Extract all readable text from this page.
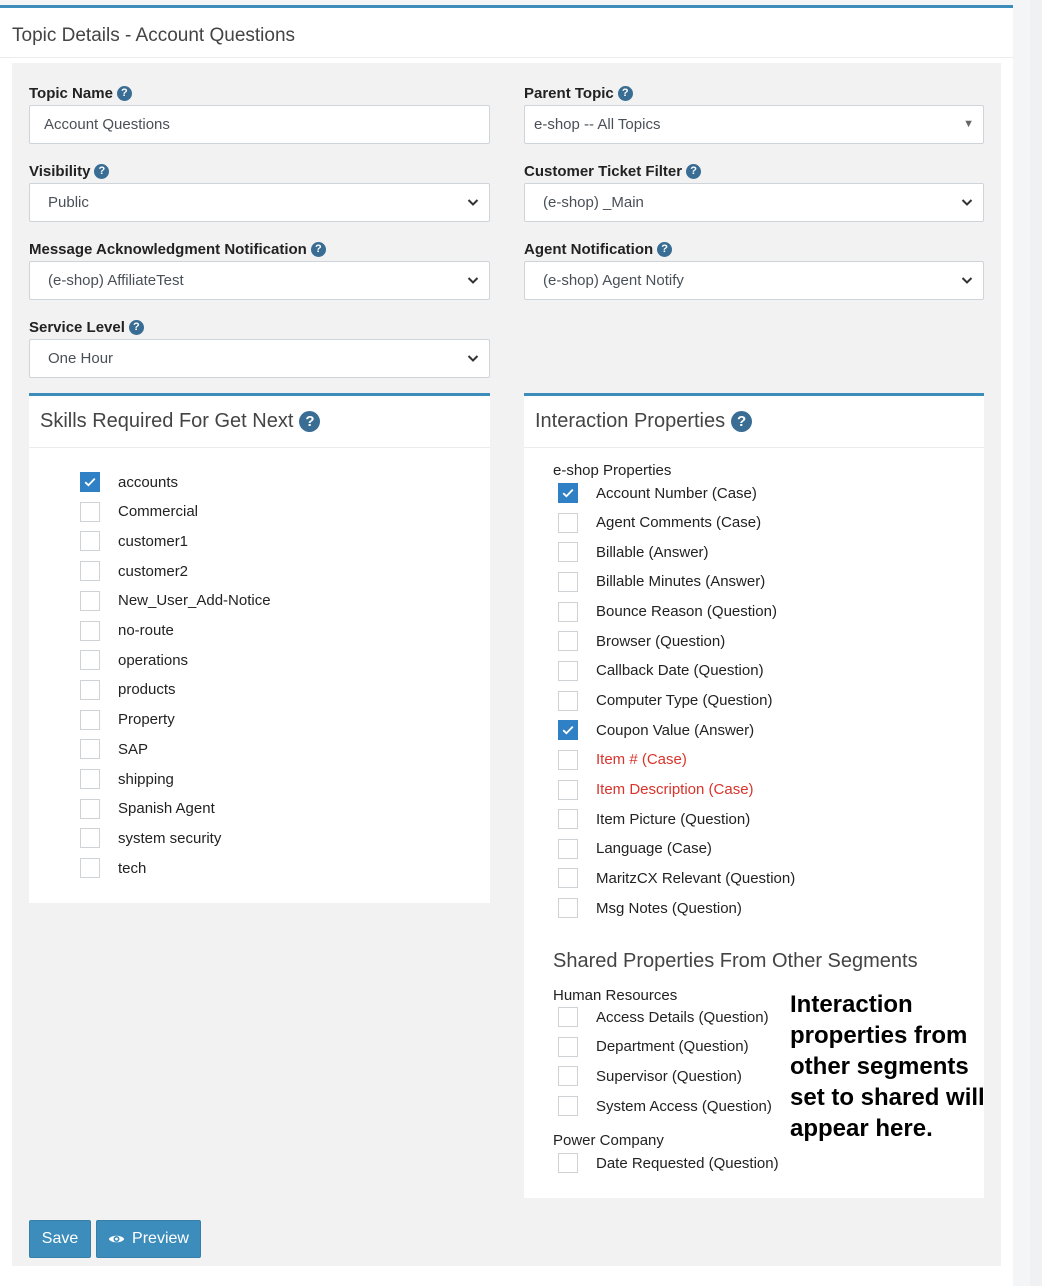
Topic Details - Account Questions
Topic Name ?
Account Questions
Parent Topic ?
e-shop -- All Topics	▼
Visibility ?
Public
Customer Ticket Filter ?
(e-shop) _Main
Message Acknowledgment Notification ?
(e-shop) AffiliateTest
Agent Notification ?
(e-shop) Agent Notify
Service Level ?
One Hour
Skills Required For Get Next ?
accounts
Commercial
customer1
customer2
New_User_Add-Notice
no-route
operations
products
Property
SAP
shipping
Spanish Agent
system security
tech
Interaction Properties ?
e-shop Properties
Account Number (Case)
Agent Comments (Case)
Billable (Answer)
Billable Minutes (Answer)
Bounce Reason (Question)
Browser (Question)
Callback Date (Question)
Computer Type (Question)
Coupon Value (Answer)
Item # (Case)
Item Description (Case)
Item Picture (Question)
Language (Case)
MaritzCX Relevant (Question)
Msg Notes (Question)
Shared Properties From Other Segments
Human Resources
Power Company
Access Details (Question)
Department (Question)
Supervisor (Question)
System Access (Question)
Date Requested (Question)
Interaction properties from other segments set to shared will appear here.
Save	Preview
